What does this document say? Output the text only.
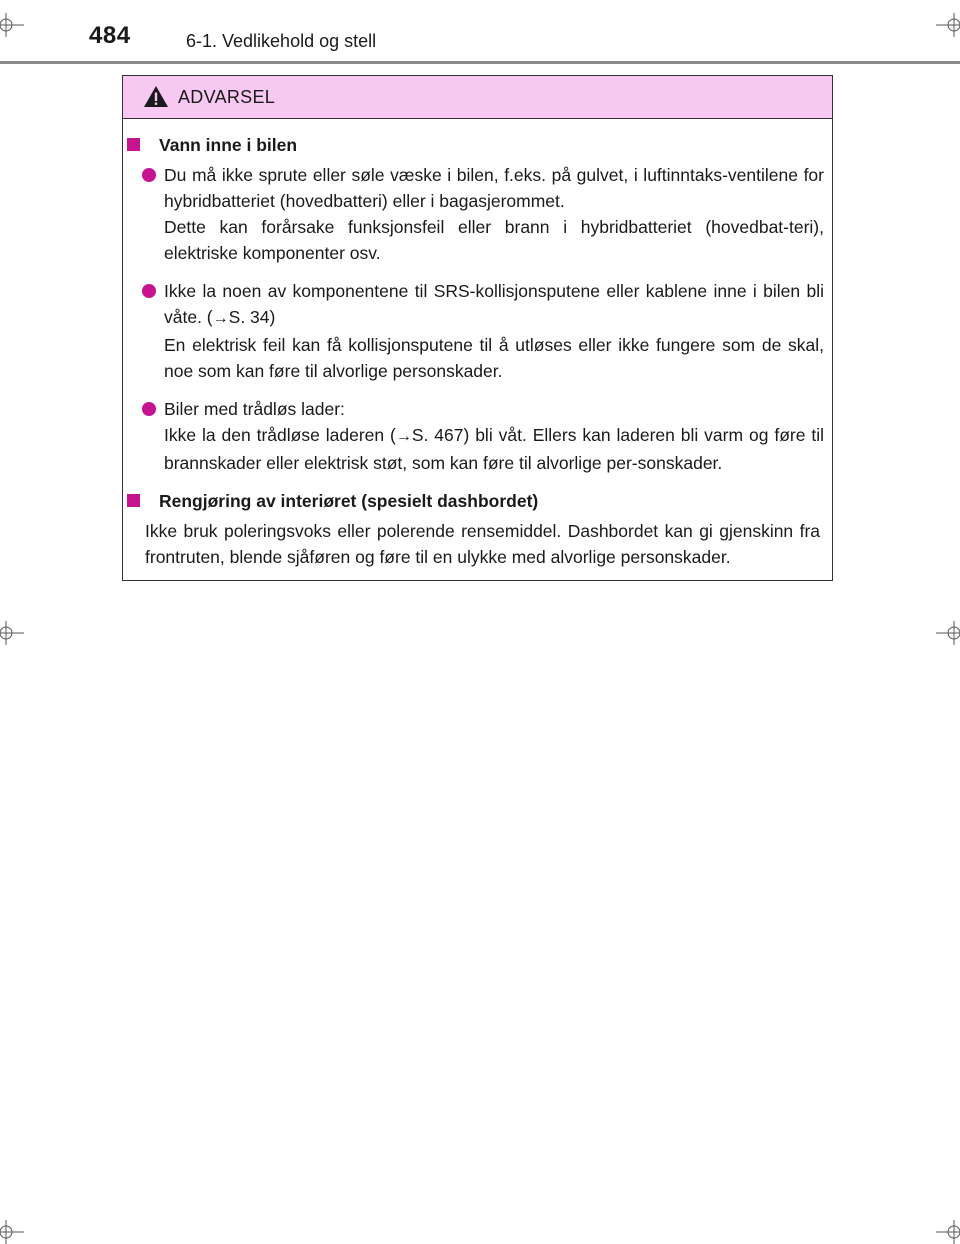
484	6-1. Vedlikehold og stell
ADVARSEL
Vann inne i bilen

Du må ikke sprute eller søle væske i bilen, f.eks. på gulvet, i luftinntaks-ventilene for hybridbatteriet (hovedbatteri) eller i bagasjerommet.

Dette kan forårsake funksjonsfeil eller brann i hybridbatteriet (hovedbat-teri), elektriske komponenter osv.

Ikke la noen av komponentene til SRS-kollisjonsputene eller kablene inne i bilen bli våte. (→S. 34)

En elektrisk feil kan få kollisjonsputene til å utløses eller ikke fungere som de skal, noe som kan føre til alvorlige personskader.

Biler med trådløs lader:

Ikke la den trådløse laderen (→S. 467) bli våt. Ellers kan laderen bli varm og føre til brannskader eller elektrisk støt, som kan føre til alvorlige per-sonskader.

Rengjøring av interiøret (spesielt dashbordet)

Ikke bruk poleringsvoks eller polerende rensemiddel. Dashbordet kan gi gjenskinn fra frontruten, blende sjåføren og føre til en ulykke med alvorlige personskader.
